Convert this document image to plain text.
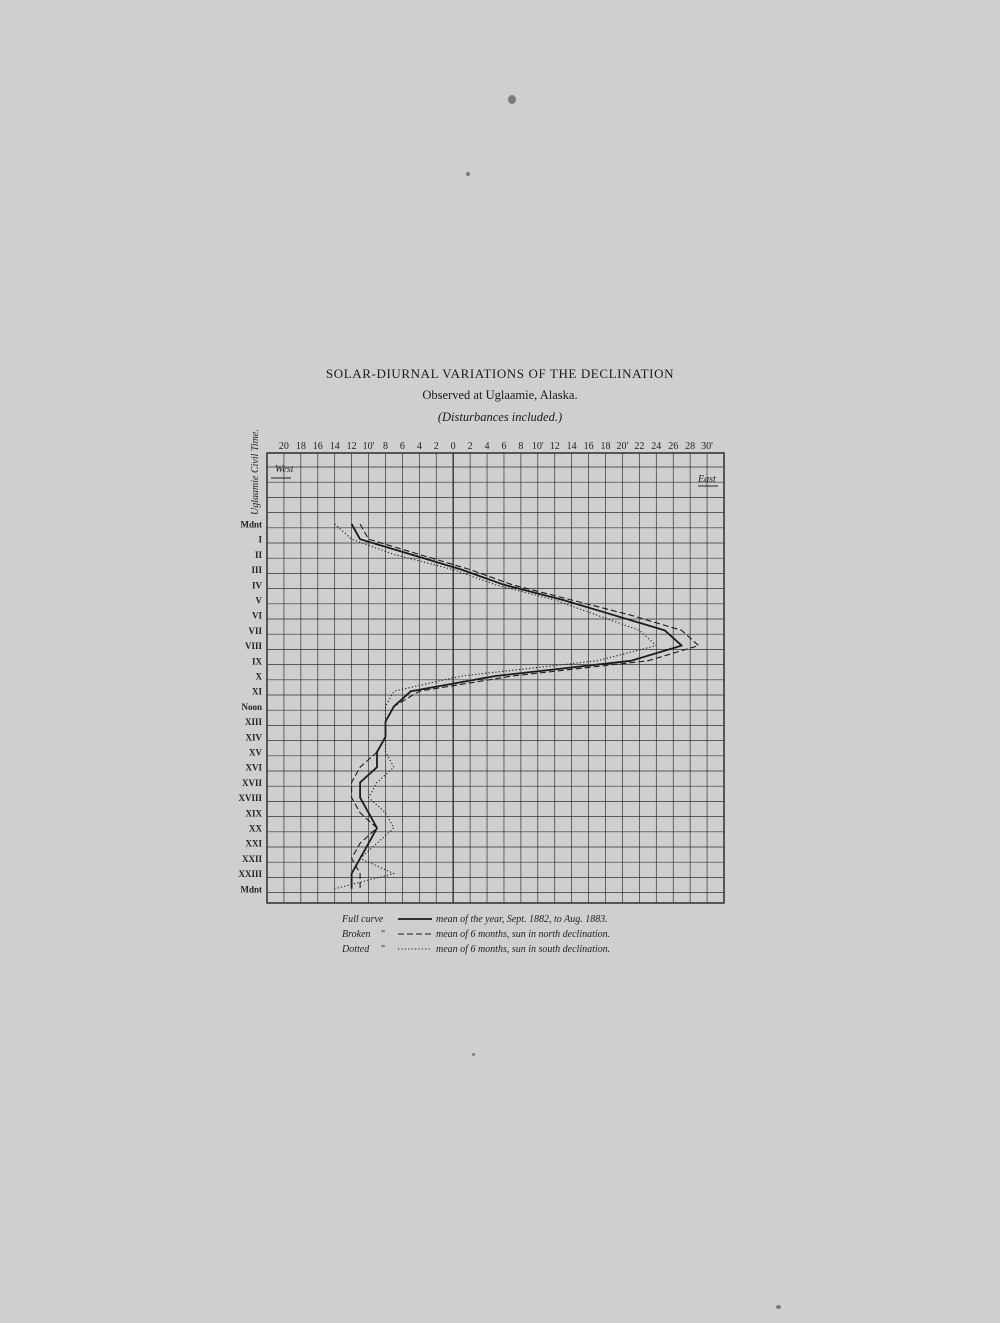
SOLAR-DIURNAL VARIATIONS OF THE DECLINATION
Observed at Uglaamie, Alaska.
(Disturbances included.)
20 18 16 14 12 10' 8 6 4 2 0 2 4 6 8 10' 12 14 16 18 20' 22 24 26 28 30'
West
East
Uglaamie Civil Time.
Mdnt
I
II
III
IV
V
VI
VII
VIII
IX
X
XI
Noon
XIII
XIV
XV
XVI
XVII
XVIII
XIX
XX
XXI
XXII
XXIII
Mdnt
Full curve	mean of the year, Sept. 1882, to Aug. 1883.
Broken "	mean of 6 months, sun in north declination.
Dotted "	mean of 6 months, sun in south declination.
